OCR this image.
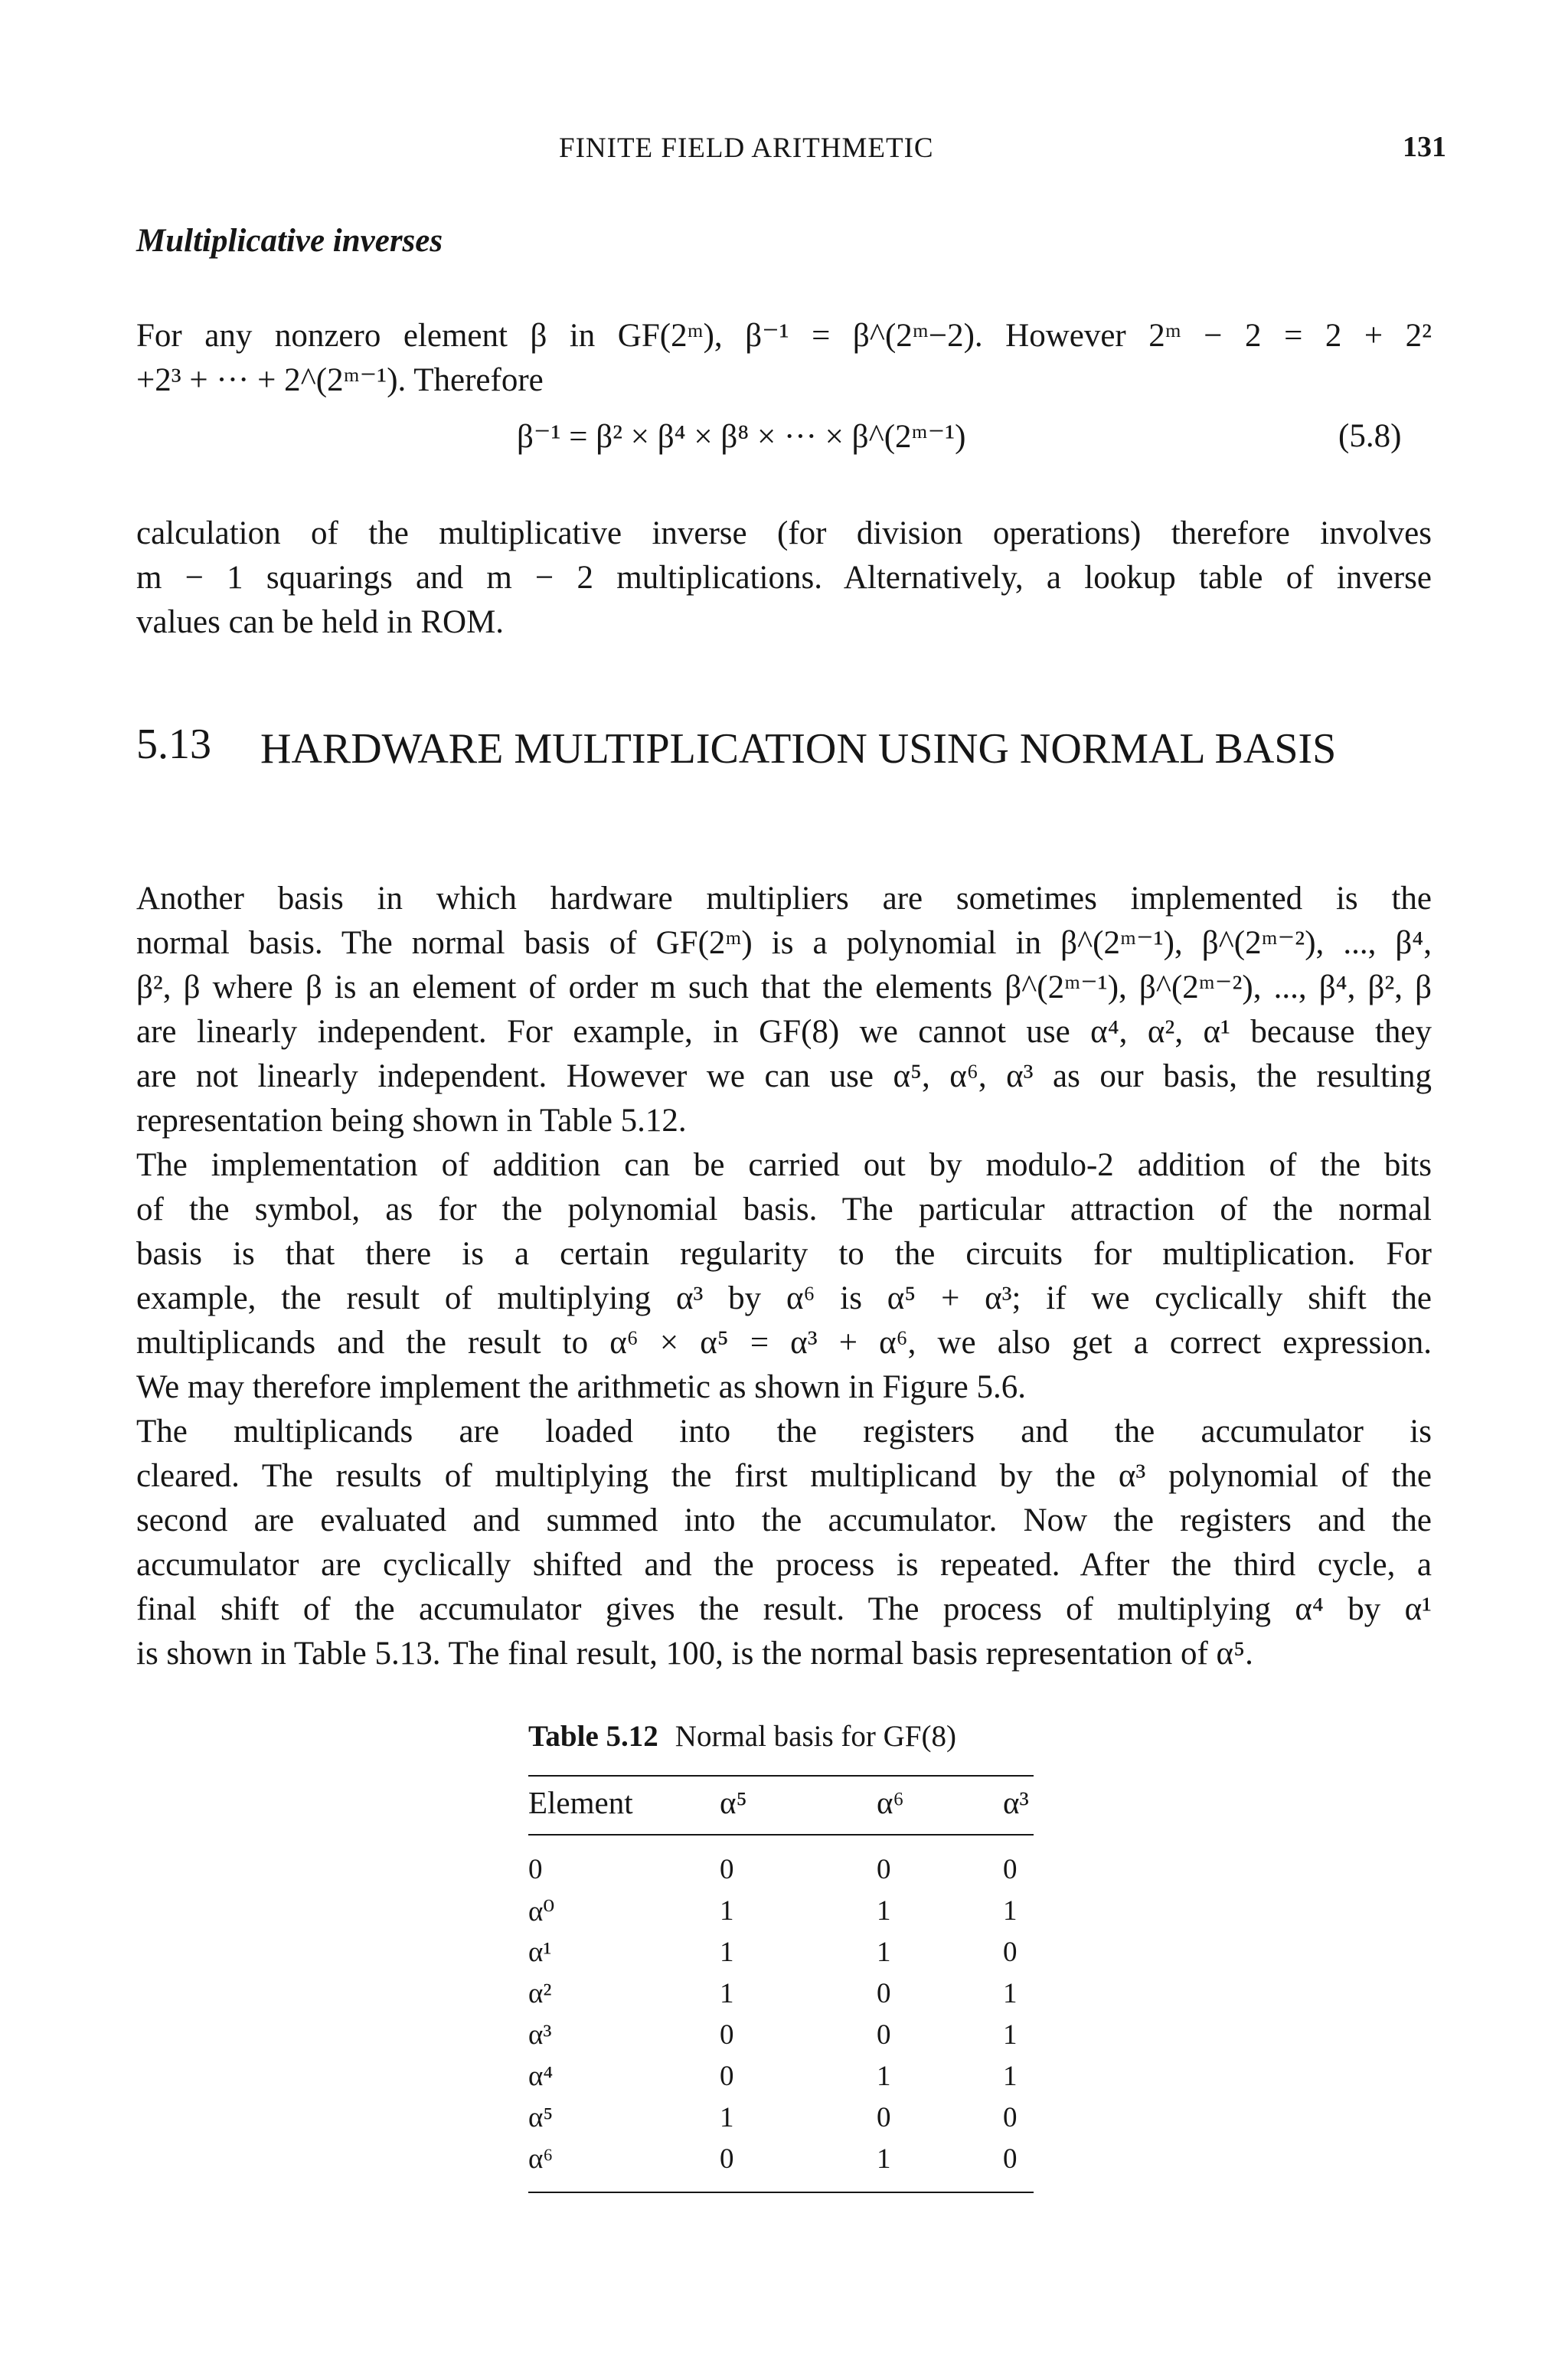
FINITE FIELD ARITHMETIC	131
Multiplicative inverses
For any nonzero element β in GF(2ᵐ), β⁻¹ = β^(2ᵐ−2). However 2ᵐ − 2 = 2 + 2²
+2³ + ··· + 2^(2ᵐ⁻¹). Therefore
β⁻¹ = β² × β⁴ × β⁸ × ··· × β^(2ᵐ⁻¹)	(5.8)
calculation of the multiplicative inverse (for division operations) therefore involves
m − 1 squarings and m − 2 multiplications. Alternatively, a lookup table of inverse
values can be held in ROM.
5.13 HARDWARE MULTIPLICATION USING NORMAL BASIS
Another basis in which hardware multipliers are sometimes implemented is the
normal basis. The normal basis of GF(2ᵐ) is a polynomial in β^(2ᵐ⁻¹), β^(2ᵐ⁻²), ..., β⁴,
β², β where β is an element of order m such that the elements β^(2ᵐ⁻¹), β^(2ᵐ⁻²), ..., β⁴, β², β
are linearly independent. For example, in GF(8) we cannot use α⁴, α², α¹ because they
are not linearly independent. However we can use α⁵, α⁶, α³ as our basis, the resulting
representation being shown in Table 5.12.
The implementation of addition can be carried out by modulo-2 addition of the bits
of the symbol, as for the polynomial basis. The particular attraction of the normal
basis is that there is a certain regularity to the circuits for multiplication. For
example, the result of multiplying α³ by α⁶ is α⁵ + α³; if we cyclically shift the
multiplicands and the result to α⁶ × α⁵ = α³ + α⁶, we also get a correct expression.
We may therefore implement the arithmetic as shown in Figure 5.6.
The multiplicands are loaded into the registers and the accumulator is
cleared. The results of multiplying the first multiplicand by the α³ polynomial of the
second are evaluated and summed into the accumulator. Now the registers and the
accumulator are cyclically shifted and the process is repeated. After the third cycle, a
final shift of the accumulator gives the result. The process of multiplying α⁴ by α¹
is shown in Table 5.13. The final result, 100, is the normal basis representation of α⁵.
Table 5.12 Normal basis for GF(8)
Element	α⁵	α⁶	α³
0	0	0	0
α⁰	1	1	1
α¹	1	1	0
α²	1	0	1
α³	0	0	1
α⁴	0	1	1
α⁵	1	0	0
α⁶	0	1	0
